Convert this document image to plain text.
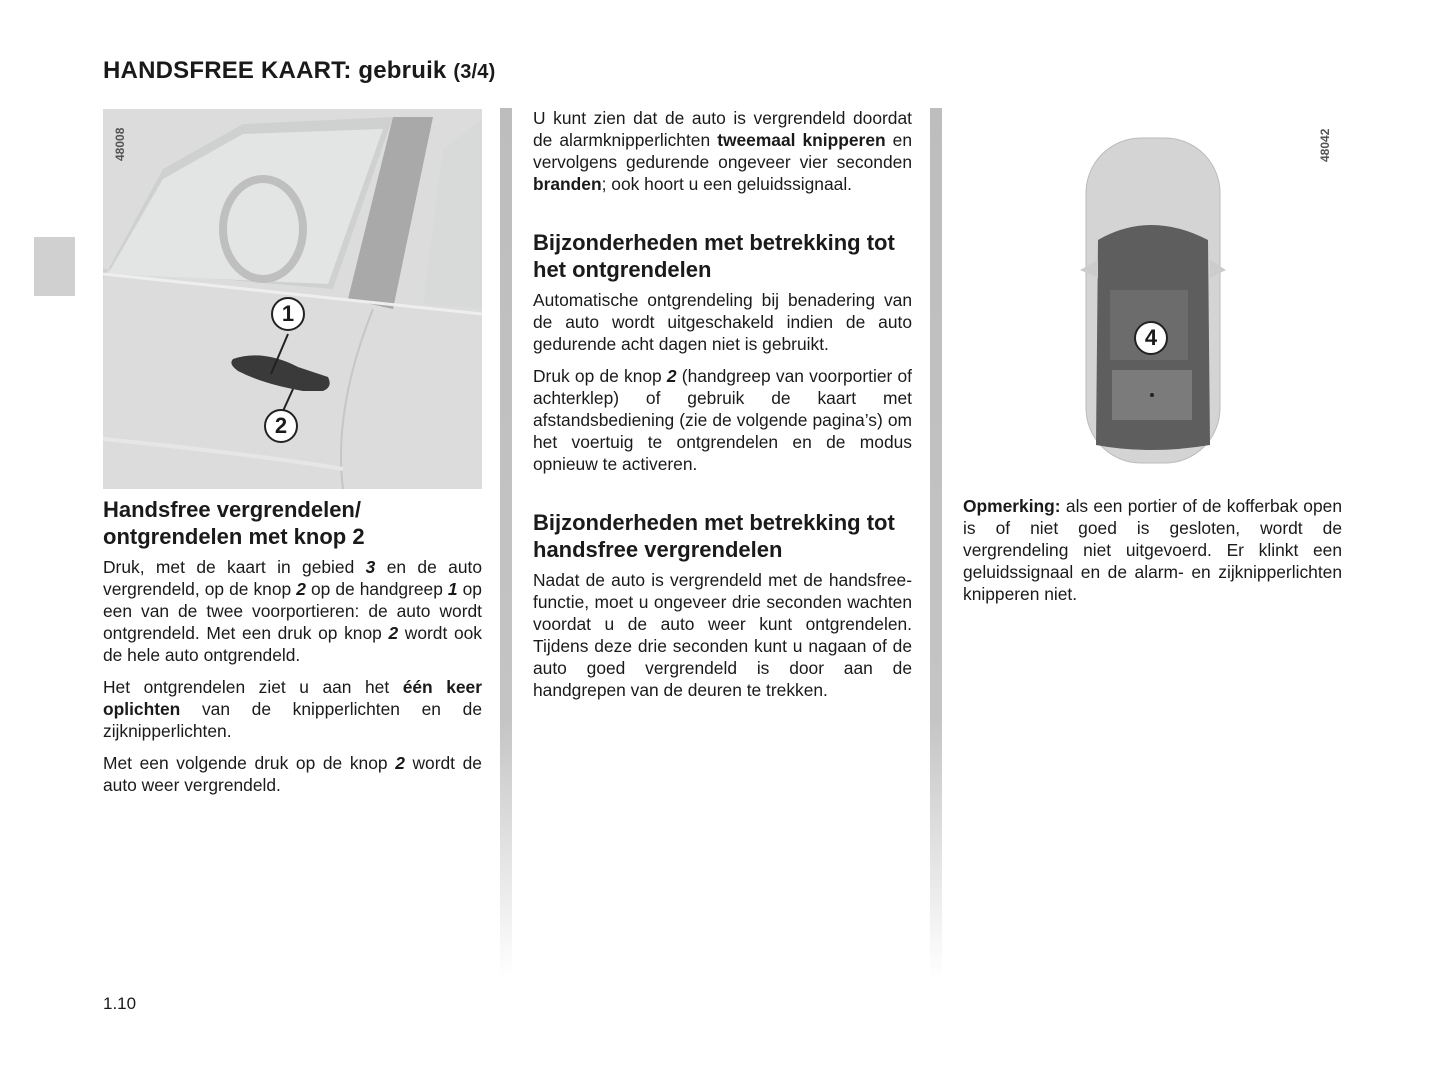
HANDSFREE KAART: gebruik (3/4)
48008
1
2
48042
4
Handsfree vergrendelen/ ontgrendelen met knop 2

Druk, met de kaart in gebied 3 en de auto vergrendeld, op de knop 2 op de handgreep 1 op een van de twee voorportieren: de auto wordt ontgrendeld. Met een druk op knop 2 wordt ook de hele auto ontgrendeld.

Het ontgrendelen ziet u aan het één keer oplichten van de knipperlichten en de zijknipperlichten.

Met een volgende druk op de knop 2 wordt de auto weer vergrendeld.

U kunt zien dat de auto is vergrendeld doordat de alarmknipperlichten tweemaal knipperen en vervolgens gedurende ongeveer vier seconden branden; ook hoort u een geluidssignaal.

Bijzonderheden met betrekking tot het ontgrendelen

Automatische ontgrendeling bij benadering van de auto wordt uitgeschakeld indien de auto gedurende acht dagen niet is gebruikt.

Druk op de knop 2 (handgreep van voorportier of achterklep) of gebruik de kaart met afstandsbediening (zie de volgende pagina’s) om het voertuig te ontgrendelen en de modus opnieuw te activeren.

Bijzonderheden met betrekking tot handsfree vergrendelen

Nadat de auto is vergrendeld met de handsfree-functie, moet u ongeveer drie seconden wachten voordat u de auto weer kunt ontgrendelen. Tijdens deze drie seconden kunt u nagaan of de auto goed vergrendeld is door aan de handgrepen van de deuren te trekken.

Opmerking: als een portier of de kofferbak open is of niet goed is gesloten, wordt de vergrendeling niet uitgevoerd. Er klinkt een geluidssignaal en de alarm- en zijknipperlichten knipperen niet.

1.10
